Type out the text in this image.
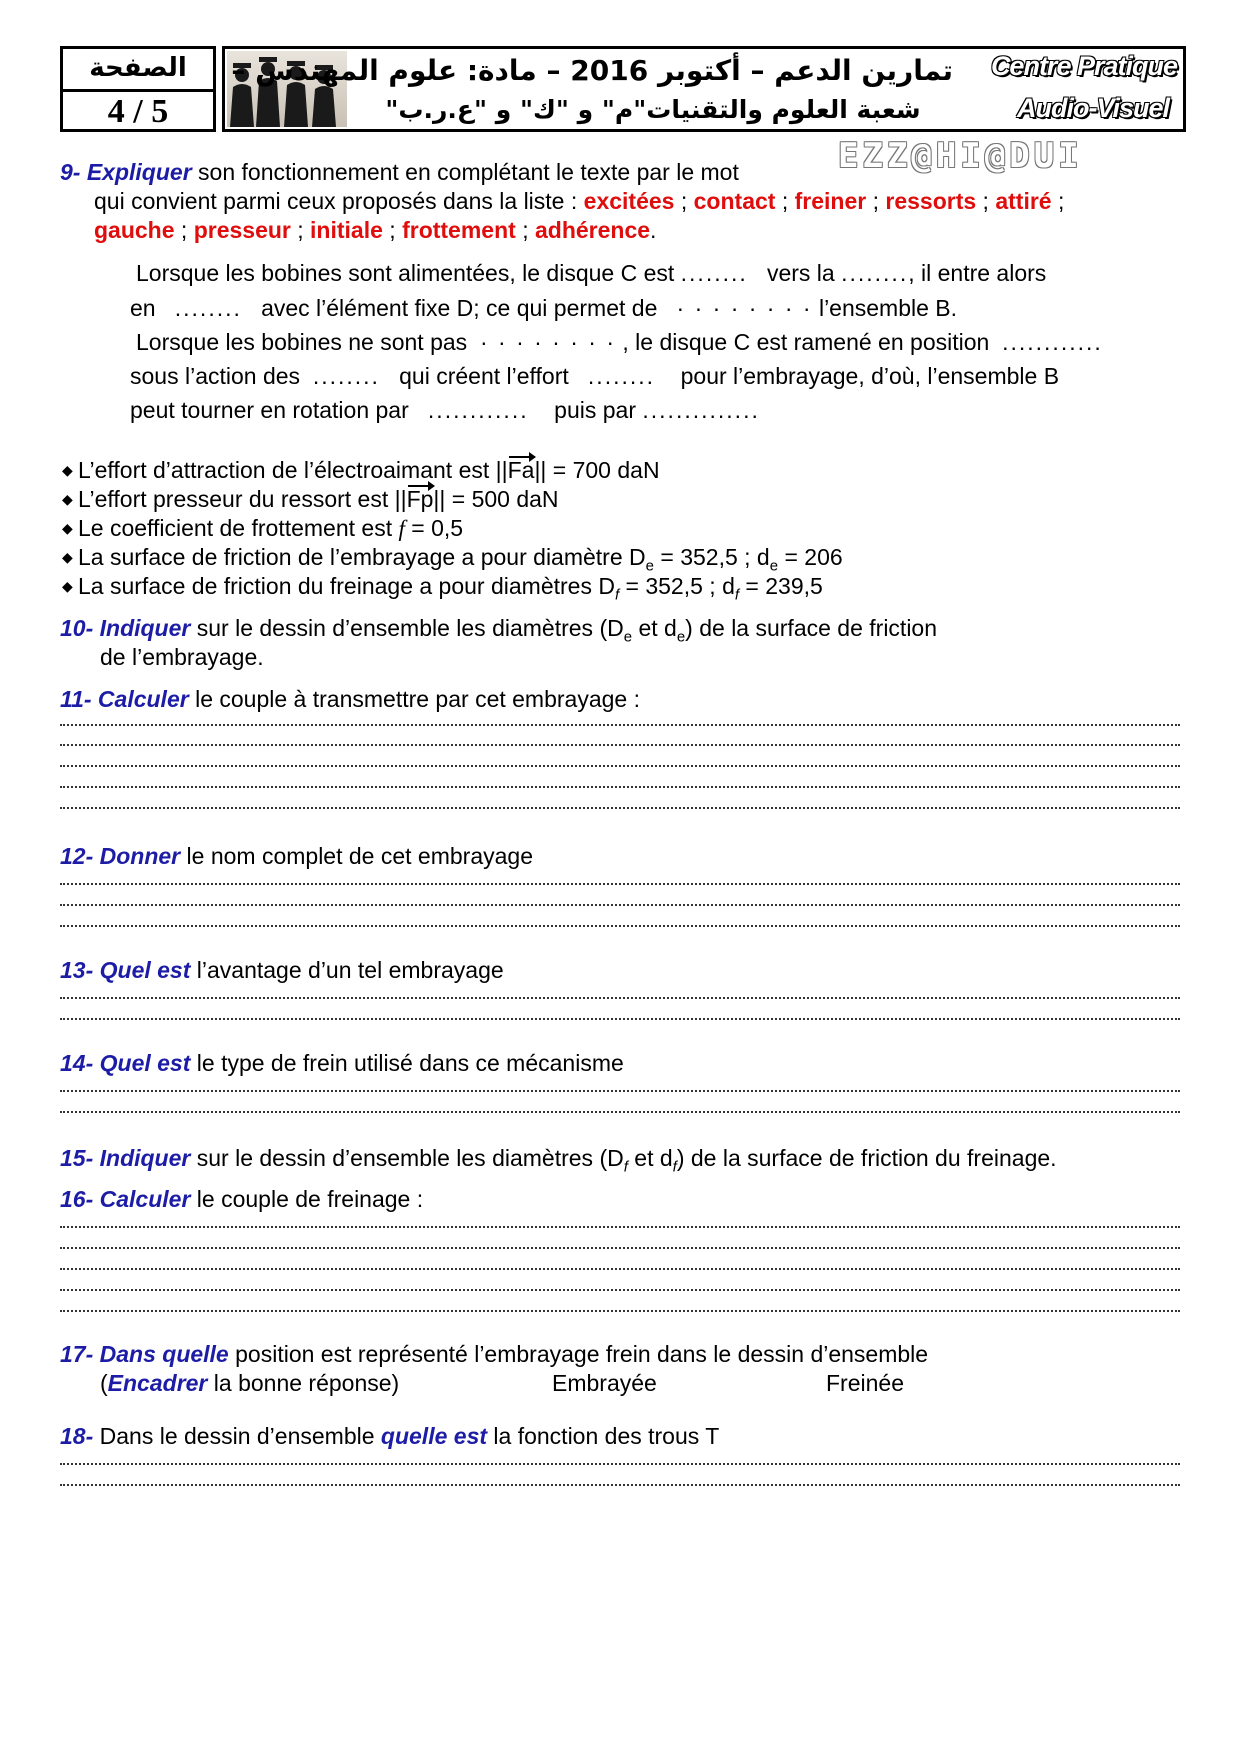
الصفحة
4 / 5
تمارين الدعم – أكتوبر 2016 – مادة: علوم المهندس –
شعبة العلوم والتقنيات"م" و "ك" و "ع.ر.ب"
Centre Pratique
Audio-Visuel
EZZ@HI@DUI
9- Expliquer son fonctionnement en complétant le texte par le mot
qui convient parmi ceux proposés dans la liste : excitées ; contact ; freiner ; ressorts ; attiré ;
gauche ; presseur ; initiale ; frottement ; adhérence.
Lorsque les bobines sont alimentées, le disque C est ........ vers la ........, il entre alors
en ........ avec l’élément fixe D; ce qui permet de · · · · · · · · l’ensemble B.
Lorsque les bobines ne sont pas · · · · · · · · , le disque C est ramené en position ............
sous l’action des ........ qui créent l’effort ........ pour l’embrayage, d’où, l’ensemble B
peut tourner en rotation par ............ puis par ..............
◆ L’effort d’attraction de l’électroaimant est ||Fa|| = 700 daN
◆ L’effort presseur du ressort est ||Fp|| = 500 daN
◆ Le coefficient de frottement est f = 0,5
◆ La surface de friction de l’embrayage a pour diamètre $D_e = 352,5$ ; $d_e = 206$
◆ La surface de friction du freinage a pour diamètres $D_f = 352,5$ ; $d_f = 239,5$
10- Indiquer sur le dessin d’ensemble les diamètres ($D_e$ et $d_e$) de la surface de friction
de l’embrayage.
11- Calculer le couple à transmettre par cet embrayage :
12- Donner le nom complet de cet embrayage
13- Quel est l’avantage d’un tel embrayage
14- Quel est le type de frein utilisé dans ce mécanisme
15- Indiquer sur le dessin d’ensemble les diamètres ($D_f$ et $d_f$) de la surface de friction du freinage.
16- Calculer le couple de freinage :
17- Dans quelle position est représenté l’embrayage frein dans le dessin d’ensemble
(Encadrer la bonne réponse)	Embrayée	Freinée
18- Dans le dessin d’ensemble quelle est la fonction des trous T
